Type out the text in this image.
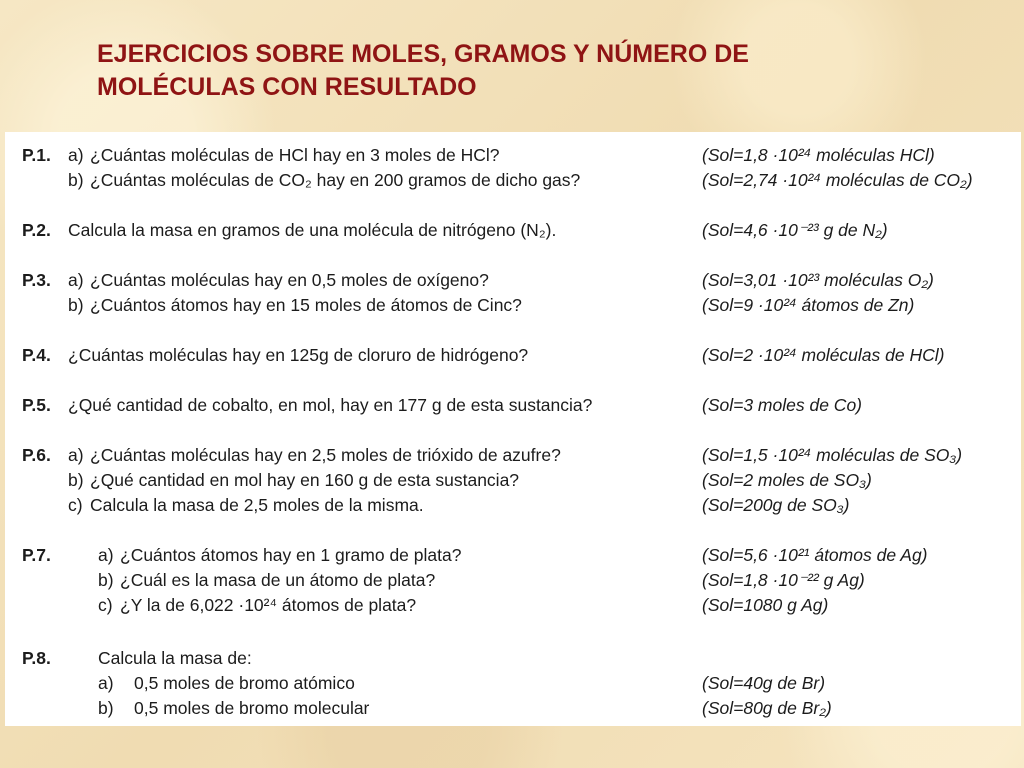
EJERCICIOS SOBRE MOLES, GRAMOS Y NÚMERO DE
MOLÉCULAS CON RESULTADO
P.1. a) ¿Cuántas moléculas de HCl hay en 3 moles de HCl?	(Sol=1,8 ·10²⁴ moléculas HCl)
b) ¿Cuántas moléculas de CO₂ hay en 200 gramos de dicho gas?	(Sol=2,74 ·10²⁴ moléculas de CO₂)
P.2. Calcula la masa en gramos de una molécula de nitrógeno (N₂).	(Sol=4,6 ·10⁻²³ g de N₂)
P.3. a) ¿Cuántas moléculas hay en 0,5 moles de oxígeno?	(Sol=3,01 ·10²³ moléculas O₂)
b) ¿Cuántos átomos hay en 15 moles de átomos de Cinc?	(Sol=9 ·10²⁴ átomos de Zn)
P.4. ¿Cuántas moléculas hay en 125g de cloruro de hidrógeno?	(Sol=2 ·10²⁴ moléculas de HCl)
P.5. ¿Qué cantidad de cobalto, en mol, hay en 177 g de esta sustancia?	(Sol=3 moles de Co)
P.6. a) ¿Cuántas moléculas hay en 2,5 moles de trióxido de azufre?	(Sol=1,5 ·10²⁴ moléculas de SO₃)
b) ¿Qué cantidad en mol hay en 160 g de esta sustancia?	(Sol=2 moles de SO₃)
c) Calcula la masa de 2,5 moles de la misma.	(Sol=200g de SO₃)
P.7.	a) ¿Cuántos átomos hay en 1 gramo de plata?	(Sol=5,6 ·10²¹ átomos de Ag)
b) ¿Cuál es la masa de un átomo de plata?	(Sol=1,8 ·10⁻²² g Ag)
c) ¿Y la de 6,022 ·10²⁴ átomos de plata?	(Sol=1080 g Ag)
P.8.	Calcula la masa de:
a) 0,5 moles de bromo atómico	(Sol=40g de Br)
b) 0,5 moles de bromo molecular	(Sol=80g de Br₂)
